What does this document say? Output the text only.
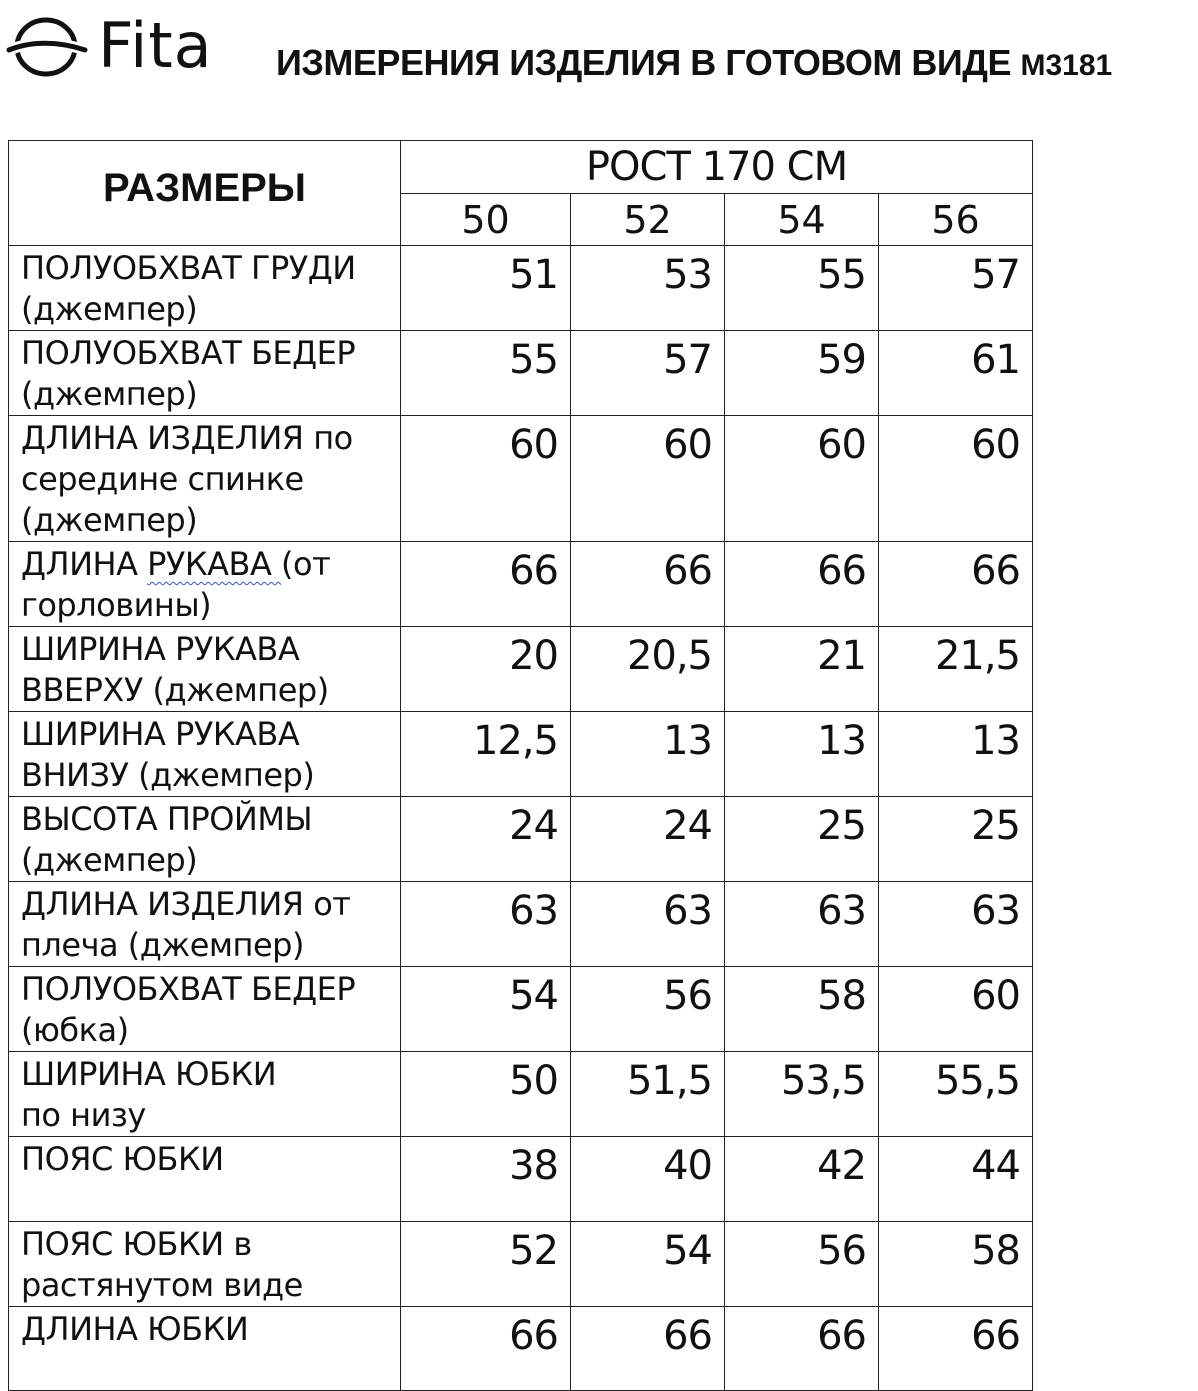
Fita ИЗМЕРЕНИЯ ИЗДЕЛИЯ В ГОТОВОМ ВИДЕ М3181
РАЗМЕРЫ	РОСТ 170 СМ			
	50	52	54	56
ПОЛУОБХВАТ ГРУДИ
(джемпер)	51	53	55	57
ПОЛУОБХВАТ БЕДЕР
(джемпер)	55	57	59	61
ДЛИНА ИЗДЕЛИЯ по
середине спинке
(джемпер)	60	60	60	60
ДЛИНА РУКАВА (от
горловины)	66	66	66	66
ШИРИНА РУКАВА
ВВЕРХУ (джемпер)	20	20,5	21	21,5
ШИРИНА РУКАВА
ВНИЗУ (джемпер)	12,5	13	13	13
ВЫСОТА ПРОЙМЫ
(джемпер)	24	24	25	25
ДЛИНА ИЗДЕЛИЯ от
плеча (джемпер)	63	63	63	63
ПОЛУОБХВАТ БЕДЕР
(юбка)	54	56	58	60
ШИРИНА ЮБКИ
по низу	50	51,5	53,5	55,5
ПОЯС ЮБКИ	38	40	42	44
ПОЯС ЮБКИ в
растянутом виде	52	54	56	58
ДЛИНА ЮБКИ	66	66	66	66
